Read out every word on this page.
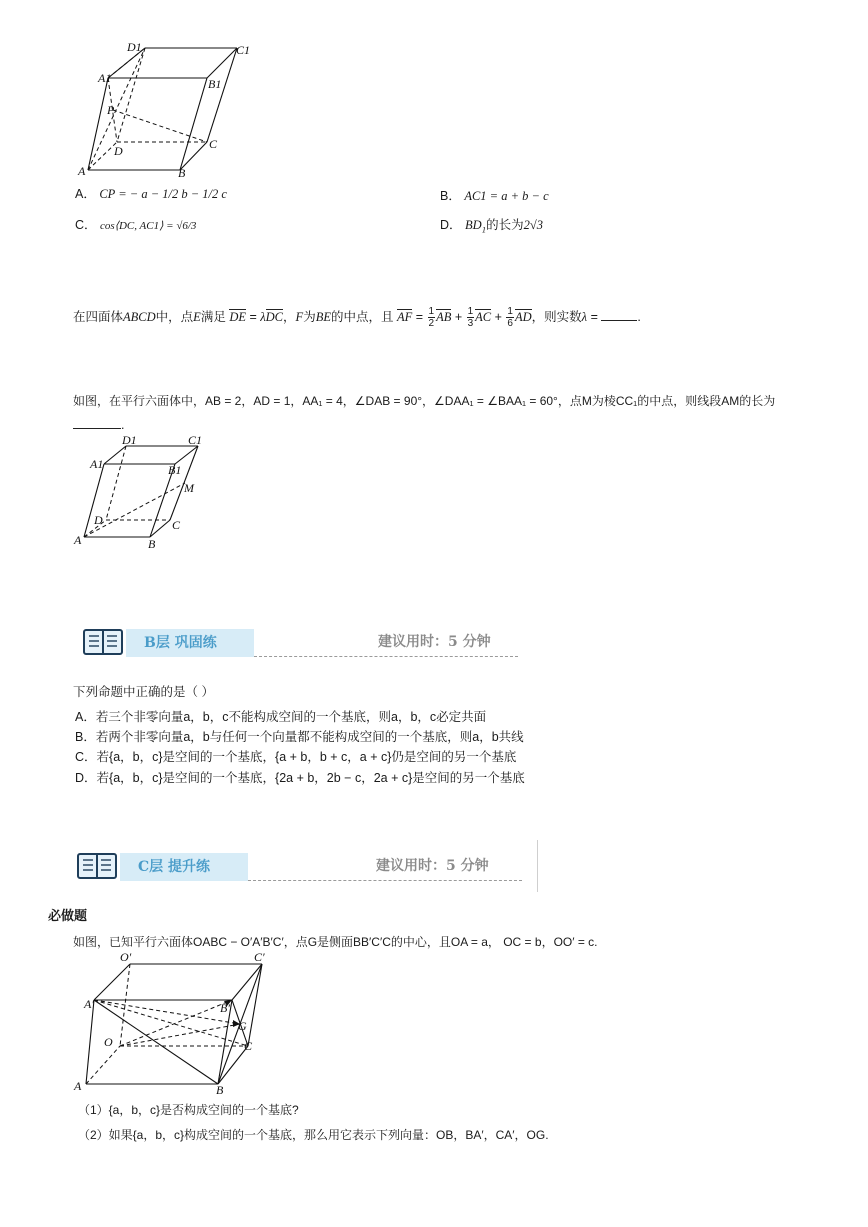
D1	C1
A1	B1
P
D	C
A	B
A． CP = − a − 1/2 b − 1/2 c	B． AC1 = a + b − c
C． cos⟨DC, AC1⟩ = √6/3	D． $BD_1$的长为2√3
在四面体ABCD中，点E满足 DE = λDC，F为BE的中点，且 AF = $\frac{1}{2}$ AB + $\frac{1}{3}$ AC + $\frac{1}{6}$ AD，则实数λ =	.
如图，在平行六面体中，AB = 2，AD = 1，AA₁ = 4，∠DAB = 90°，∠DAA₁ = ∠BAA₁ = 60°，点M为棱CC₁的中点，则线段AM的长为
.
D1	C1
A1	B1
M
D	C
A	B
B层 巩固练	建议用时：5 分钟
下列命题中正确的是（ ）
A．若三个非零向量a，b，c不能构成空间的一个基底，则a，b，c必定共面
B．若两个非零向量a，b与任何一个向量都不能构成空间的一个基底，则a，b共线
C．若{a，b，c}是空间的一个基底，{a + b，b + c，a + c}仍是空间的另一个基底
D．若{a，b，c}是空间的一个基底，{2a + b，2b − c，2a + c}是空间的另一个基底
C层 提升练	建议用时：5 分钟
必做题
如图，已知平行六面体OABC − O′A′B′C′，点G是侧面BB′C′C的中心，且OA = a， OC = b，OO′ = c.
O′	C′
A′	B′
G
O	C
A	B
（1）{a，b，c}是否构成空间的一个基底?
（2）如果{a，b，c}构成空间的一个基底，那么用它表示下列向量：OB，BA′，CA′，OG.
